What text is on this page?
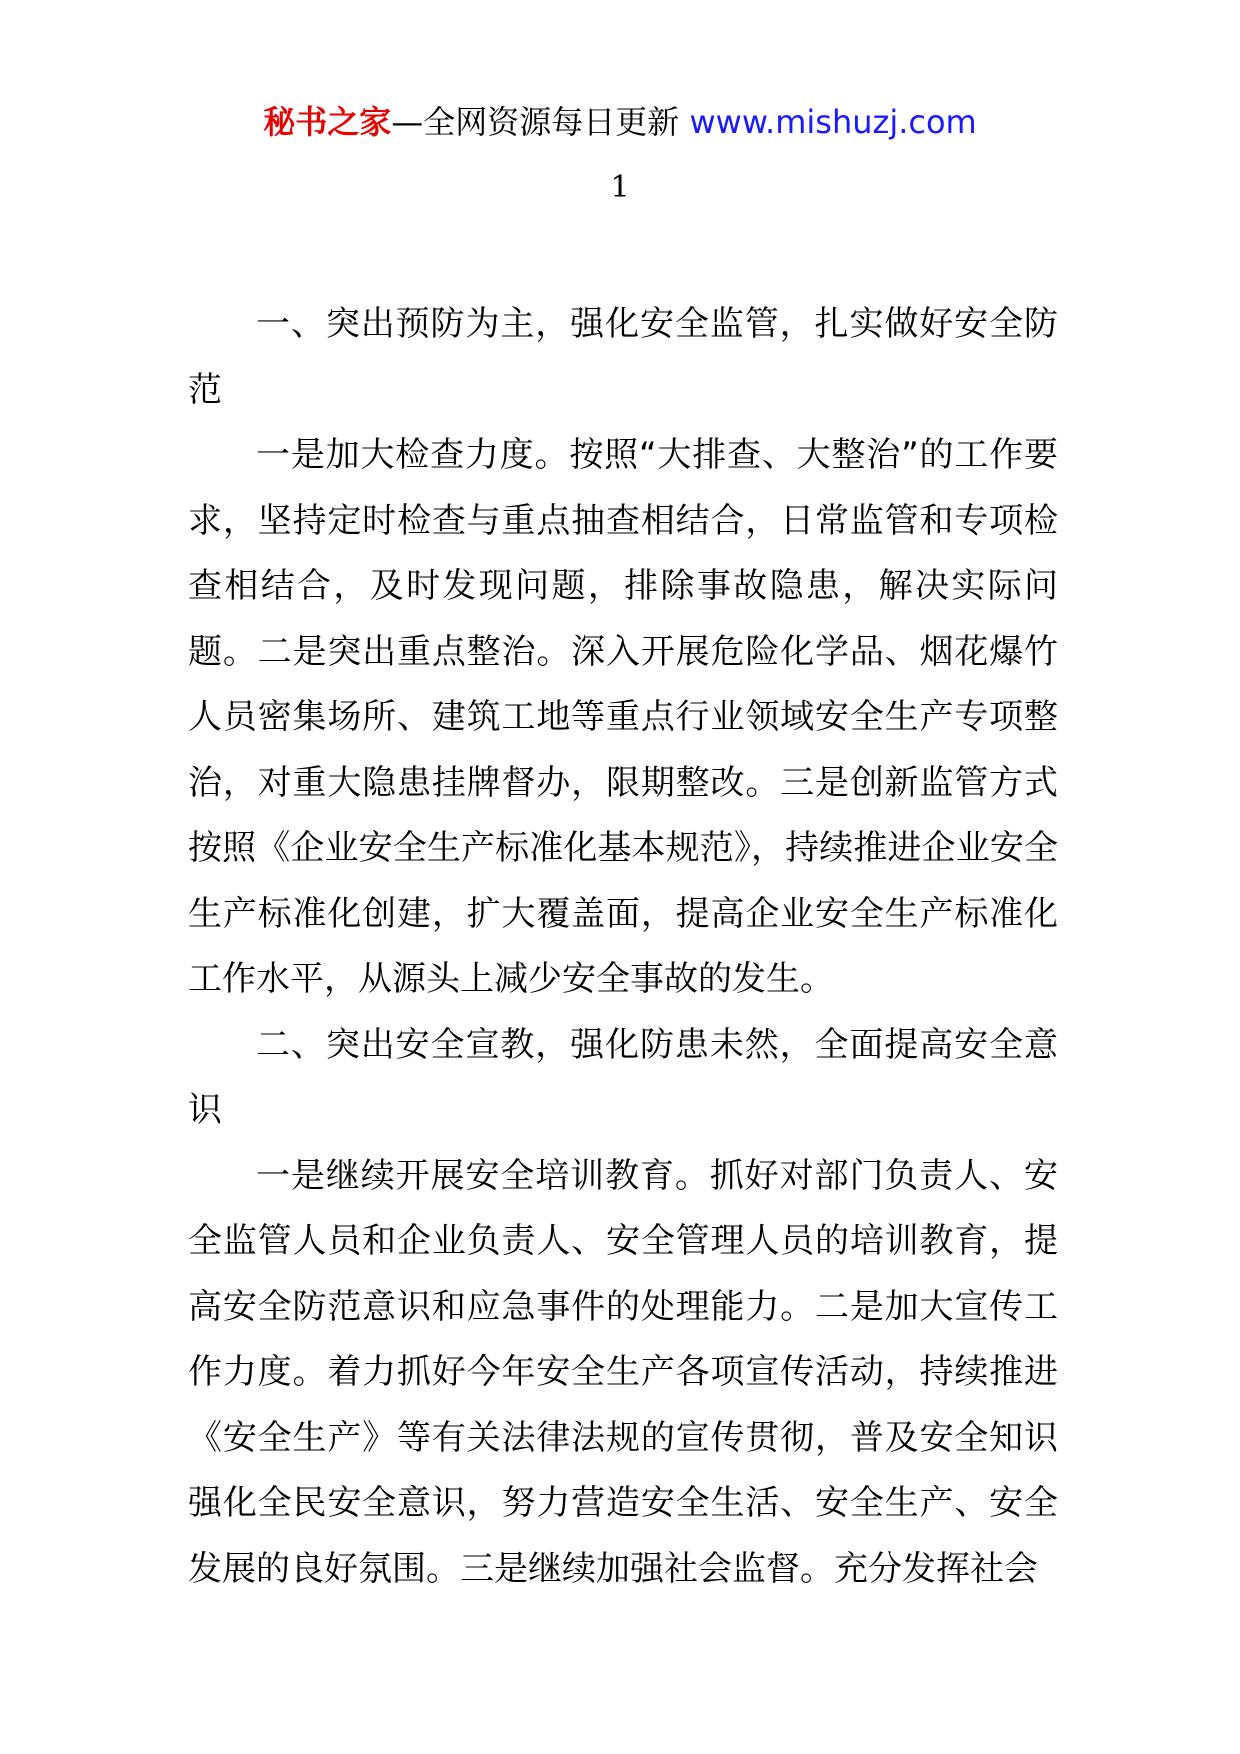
秘书之家—全网资源每日更新 www.mishuzj.com
1

一、突出预防为主，强化安全监管，扎实做好安全防范

一是加大检查力度。按照“大排查、大整治”的工作要求，坚持定时检查与重点抽查相结合，日常监管和专项检查相结合，及时发现问题，排除事故隐患，解决实际问题。二是突出重点整治。深入开展危险化学品、烟花爆竹人员密集场所、建筑工地等重点行业领域安全生产专项整治，对重大隐患挂牌督办，限期整改。三是创新监管方式按照《企业安全生产标准化基本规范》，持续推进企业安全生产标准化创建，扩大覆盖面，提高企业安全生产标准化工作水平，从源头上减少安全事故的发生。

二、突出安全宣教，强化防患未然，全面提高安全意识

一是继续开展安全培训教育。抓好对部门负责人、安全监管人员和企业负责人、安全管理人员的培训教育，提高安全防范意识和应急事件的处理能力。二是加大宣传工作力度。着力抓好今年安全生产各项宣传活动，持续推进《安全生产》等有关法律法规的宣传贯彻，普及安全知识强化全民安全意识，努力营造安全生活、安全生产、安全发展的良好氛围。三是继续加强社会监督。充分发挥社会
